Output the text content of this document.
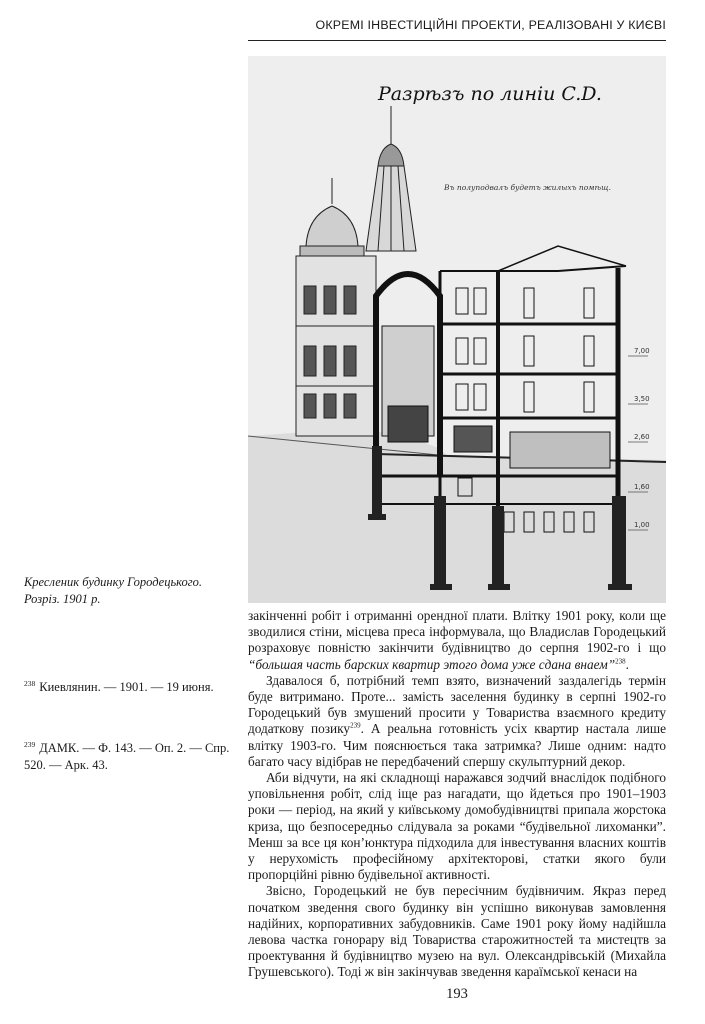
ОКРЕМІ ІНВЕСТИЦІЙНІ ПРОЕКТИ, РЕАЛІЗОВАНІ У КИЄВІ
Разрѣзъ по линiи C.D.
Въ полуподвалъ будетъ жилыхъ помѣщ.
7,00
3,50
2,60
1,60
1,00
Кресленик будинку Городецького.
Розріз. 1901 р.
$^{238}$ Киевлянин. — 1901. — 19 июня.
$^{239}$ ДАМК. — Ф. 143. — Оп. 2. — Спр. 520. — Арк. 43.

закінченні робіт і отриманні орендної плати. Влітку 1901 року, коли ще зводилися стіни, місцева преса інформувала, що Владислав Городецький розраховує повністю закінчити будівництво до серпня 1902-го і що “большая часть барских квартир этого дома уже сдана внаем”$^{238}$.

Здавалося б, потрібний темп взято, визначений заздалегідь термін буде витримано. Проте... замість заселення будинку в серпні 1902-го Городецький був змушений просити у Товариства взаємного кредиту додаткову позику$^{239}$. А реальна готовність усіх квартир настала лише влітку 1903-го. Чим пояснюється така затримка? Лише одним: надто багато часу відібрав не передбачений спершу скульптурний декор.

Аби відчути, на які складнощі наражався зодчий внаслідок подібного уповільнення робіт, слід іще раз нагадати, що йдеться про 1901–1903 роки — період, на який у київському домобудівництві припала жорстока криза, що безпосередньо слідувала за роками “будівельної лихоманки”. Менш за все ця кон’юнктура підходила для інвестування власних коштів у нерухомість професійному архітекторові, статки якого були пропорційні рівню будівельної активності.

Звісно, Городецький не був пересічним будівничим. Якраз перед початком зведення свого будинку він успішно виконував замовлення надійних, корпоративних забудовників. Саме 1901 року йому надійшла левова частка гонорару від Товариства старожитностей та мистецтв за проектування й будівництво музею на вул. Олександрівській (Михайла Грушевського). Тоді ж він закінчував зведення караїмської кенаси на

193
